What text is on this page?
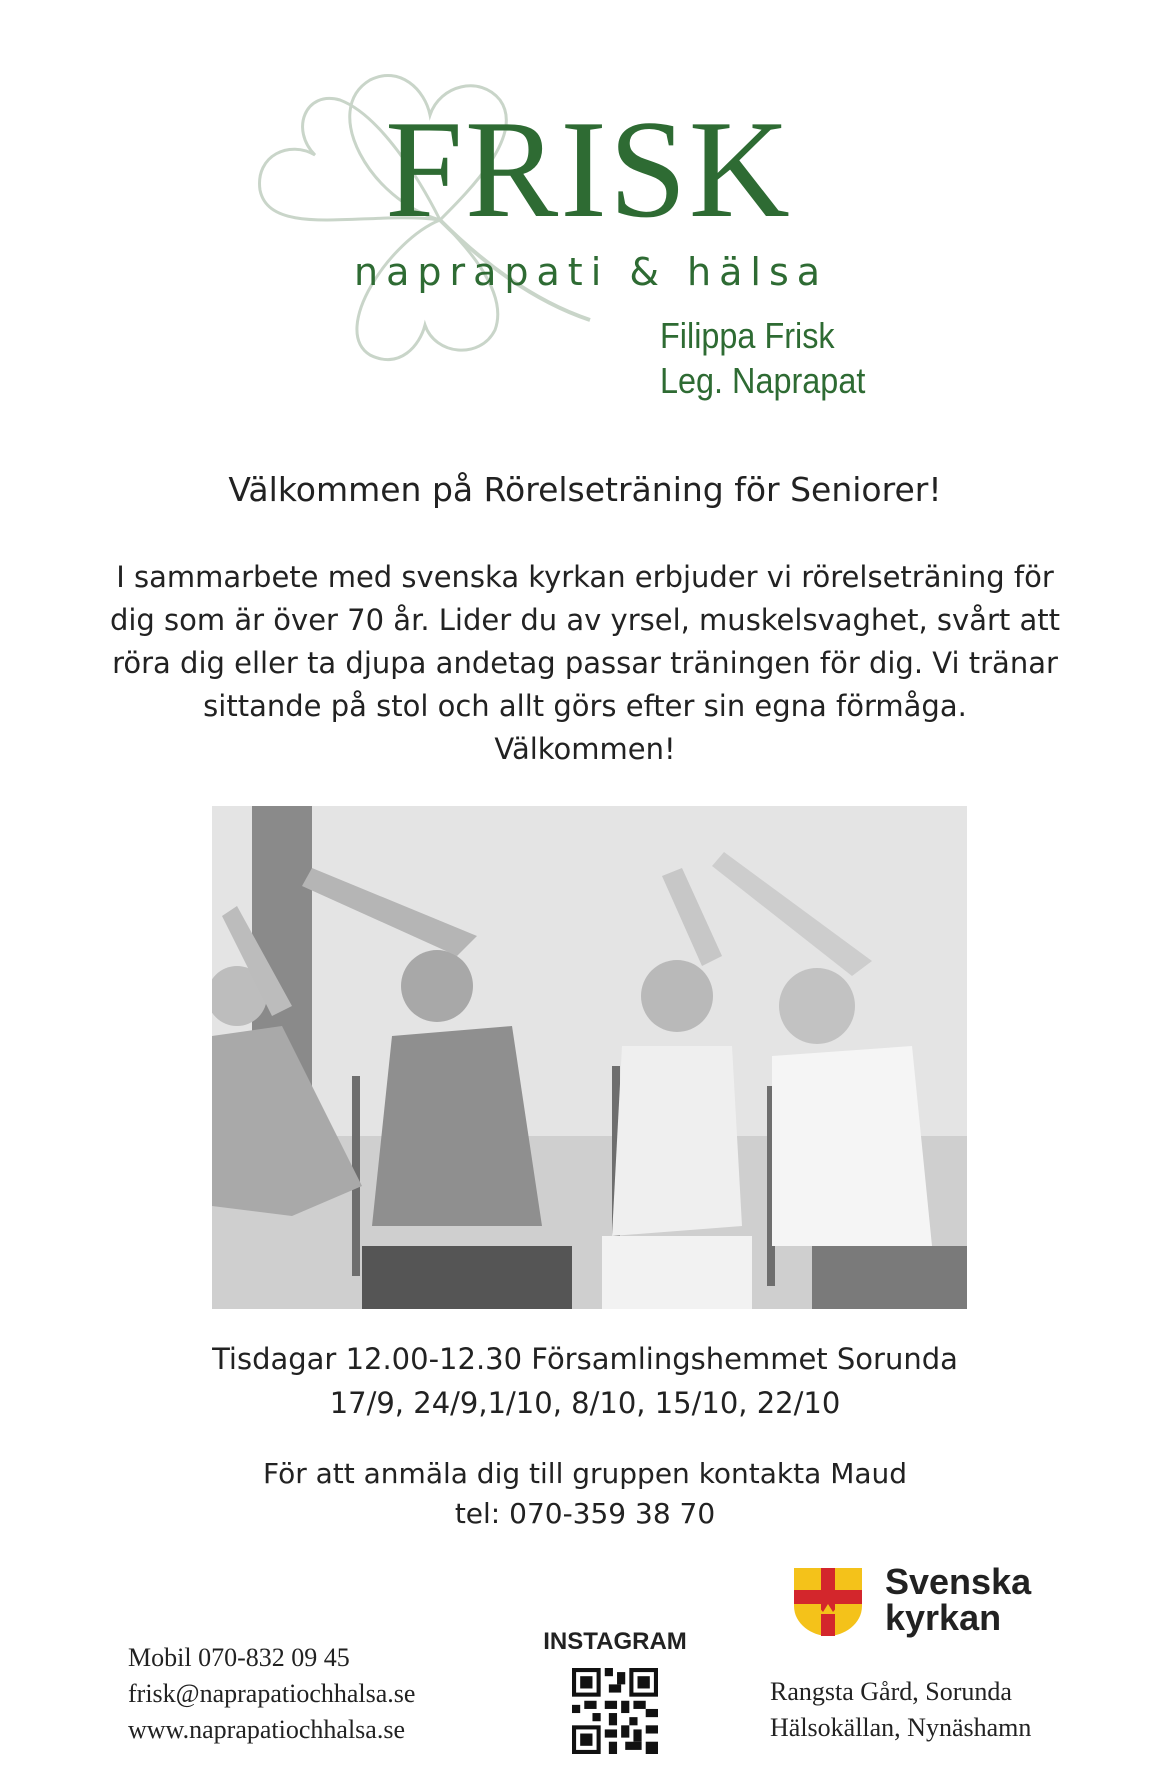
FRISK
naprapati & hälsa
Filippa Frisk
Leg. Naprapat
Välkommen på Rörelseträning för Seniorer!
I sammarbete med svenska kyrkan erbjuder vi rörelseträning för
dig som är över 70 år. Lider du av yrsel, muskelsvaghet, svårt att
röra dig eller ta djupa andetag passar träningen för dig. Vi tränar
sittande på stol och allt görs efter sin egna förmåga.
Välkommen!
Tisdagar 12.00-12.30 Församlingshemmet Sorunda
17/9, 24/9,1/10, 8/10, 15/10, 22/10
För att anmäla dig till gruppen kontakta Maud
tel: 070-359 38 70
Mobil 070-832 09 45
frisk@naprapatiochhalsa.se
www.naprapatiochhalsa.se
INSTAGRAM
Svenska
kyrkan
Rangsta Gård, Sorunda
Hälsokällan, Nynäshamn
